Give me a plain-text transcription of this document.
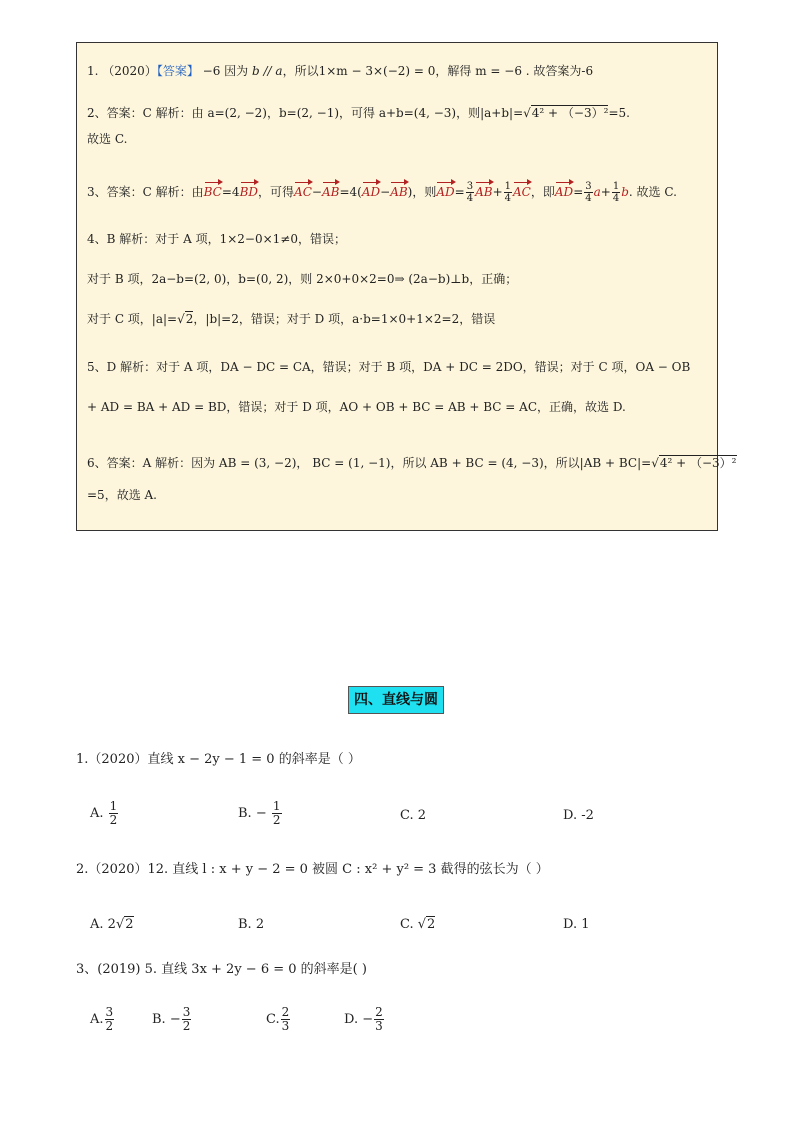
1. （2020）【答案】 −6 因为 b // a，所以1×m − 3×(−2) = 0，解得 m = −6 . 故答案为-6
2、答案：C 解析：由 a=(2, −2)，b=(2, −1)，可得 a+b=(4, −3)，则|a+b|=√4² + （−3）²=5.
故选 C.
3、答案：C 解析：由BC=4BD，可得AC−AB=4(AD−AB)，则$AD= \frac{3}{4} AB+ \frac{1}{4}$ AC，即$AD= \frac{3}{4} a+ \frac{1}{4} b$. 故选 C.
4、B 解析：对于 A 项，1×2−0×1≠0，错误；
对于 B 项，2a−b=(2, 0)，b=(0, 2)，则 2×0+0×2=0⇒ (2a−b)⊥b，正确；
对于 C 项，|a|=√2，|b|=2，错误；对于 D 项，a·b=1×0+1×2=2，错误
5、D 解析：对于 A 项，DA − DC = CA，错误；对于 B 项，DA + DC = 2DO，错误；对于 C 项，OA − OB
+ AD = BA + AD = BD，错误；对于 D 项，AO + OB + BC = AB + BC = AC，正确，故选 D.
6、答案：A 解析：因为 AB = (3, −2)， BC = (1, −1)，所以 AB + BC = (4, −3)，所以|AB + BC|=√4² + （−3）²
=5，故选 A.
四、直线与圆
1.（2020）直线 x − 2y − 1 = 0 的斜率是（ ）
A. $\frac{1}{2}$	B. − $\frac{1}{2}$	C. 2	D. -2
2.（2020）12. 直线 l : x + y − 2 = 0 被圆 C : x² + y² = 3 截得的弦长为（ ）
A. 2√2	B. 2	C. √2	D. 1
3、(2019) 5. 直线 3x + 2y − 6 = 0 的斜率是( )
A. $\frac{3}{2}$	B. − $\frac{3}{2}$	C. $\frac{2}{3}$	D. − $\frac{2}{3}$
